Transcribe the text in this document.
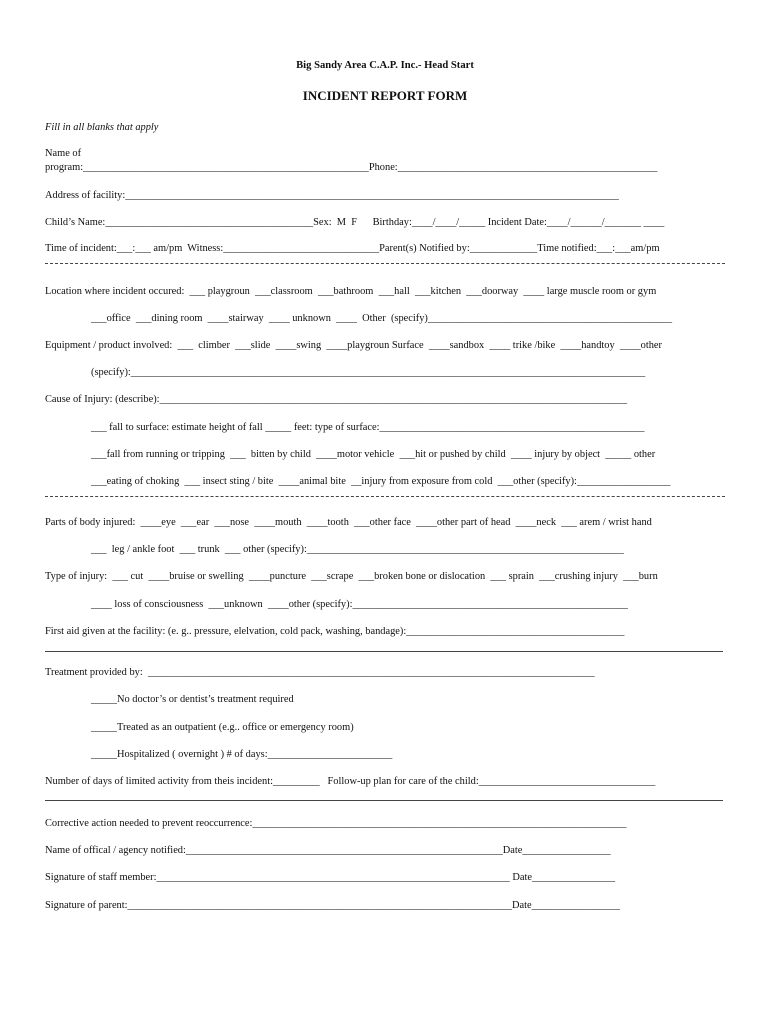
Big Sandy Area C.A.P. Inc.- Head Start
INCIDENT REPORT FORM
Fill in all blanks that apply
Name of
program:_______________________________________________________Phone:__________________________________________________
Address of facility:_______________________________________________________________________________________________
Child’s Name:________________________________________Sex:  M  F      Birthday:____/____/_____ Incident Date:____/______/_______ ____
Time of incident:___:___ am/pm  Witness:______________________________Parent(s) Notified by:_____________Time notified:___:___am/pm
Location where incident occured:  ___ playgroun  ___classroom  ___bathroom  ___hall  ___kitchen  ___doorway  ____ large muscle room or gym
___office  ___dining room  ____stairway  ____ unknown  ____  Other  (specify)_______________________________________________
Equipment / product involved:  ___  climber  ___slide  ____swing  ____playgroun Surface  ____sandbox  ____ trike /bike  ____handtoy  ____other
(specify):___________________________________________________________________________________________________
Cause of Injury: (describe):__________________________________________________________________________________________
___ fall to surface: estimate height of fall _____ feet: type of surface:___________________________________________________
___fall from running or tripping  ___  bitten by child  ____motor vehicle  ___hit or pushed by child  ____ injury by object  _____ other
___eating of choking  ___ insect sting / bite  ____animal bite  __injury from exposure from cold  ___other (specify):__________________
Parts of body injured:  ____eye  ___ear  ___nose  ____mouth  ____tooth  ___other face  ____other part of head  ____neck  ___ arem / wrist hand
___  leg / ankle foot  ___ trunk  ___ other (specify):_____________________________________________________________
Type of injury:  ___ cut  ____bruise or swelling  ____puncture  ___scrape  ___broken bone or dislocation  ___ sprain  ___crushing injury  ___burn
____ loss of consciousness  ___unknown  ____other (specify):_____________________________________________________
First aid given at the facility: (e. g.. pressure, elelvation, cold pack, washing, bandage):__________________________________________
Treatment provided by:  ______________________________________________________________________________________
_____No doctor’s or dentist’s treatment required
_____Treated as an outpatient (e.g.. office or emergency room)
_____Hospitalized ( overnight ) # of days:________________________
Number of days of limited activity from theis incident:_________   Follow-up plan for care of the child:__________________________________
Corrective action needed to prevent reoccurrence:________________________________________________________________________
Name of offical / agency notified:_____________________________________________________________Date_________________
Signature of staff member:____________________________________________________________________ Date________________
Signature of parent:__________________________________________________________________________Date_________________
